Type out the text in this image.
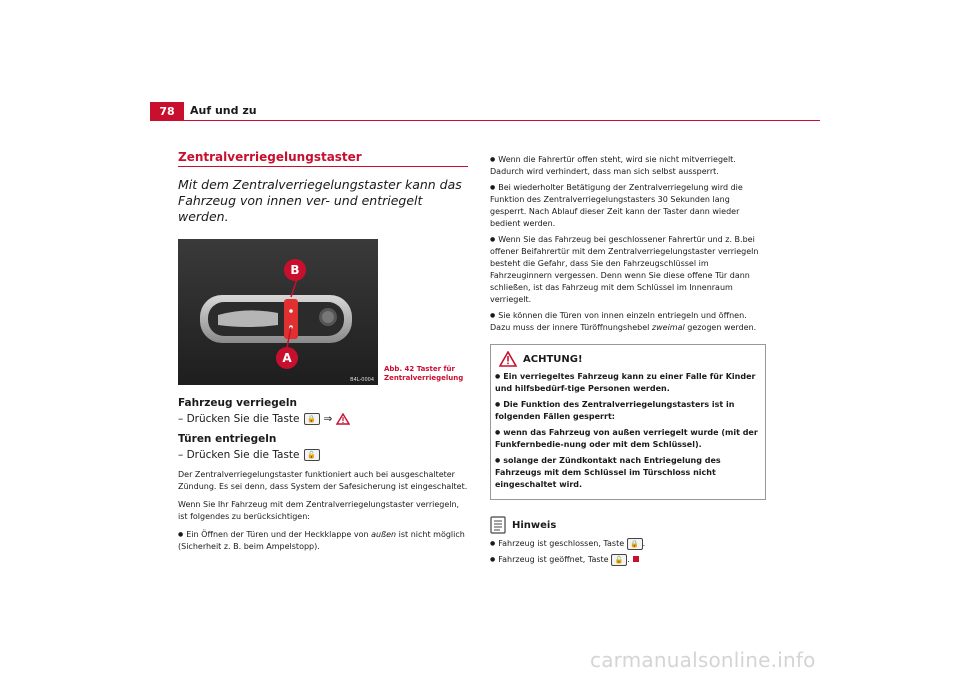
78	Auf und zu
Zentralverriegelungstaster
Mit dem Zentralverriegelungstaster kann das Fahrzeug von innen ver- und entriegelt werden.
B
A
B4L-0004
Abb. 42 Taster für
Zentralverriegelung
Fahrzeug verriegeln
– Drücken Sie die Taste	🔒 ⇒
Türen entriegeln
– Drücken Sie die Taste	🔓
Der Zentralverriegelungstaster funktioniert auch bei ausgeschalteter Zündung. Es sei denn, dass System der Safesicherung ist eingeschaltet.
Wenn Sie Ihr Fahrzeug mit dem Zentralverriegelungstaster verriegeln, ist folgendes zu berücksichtigen:
● Ein Öffnen der Türen und der Heckklappe von außen ist nicht möglich (Sicherheit z. B. beim Ampelstopp).
● Wenn die Fahrertür offen steht, wird sie nicht mitverriegelt. Dadurch wird verhindert, dass man sich selbst aussperrt.
● Bei wiederholter Betätigung der Zentralverriegelung wird die Funktion des Zentralverriegelungstasters 30 Sekunden lang gesperrt. Nach Ablauf dieser Zeit kann der Taster dann wieder bedient werden.
● Wenn Sie das Fahrzeug bei geschlossener Fahrertür und z. B.bei offener Beifahrertür mit dem Zentralverriegelungstaster verriegeln besteht die Gefahr, dass Sie den Fahrzeugschlüssel im Fahrzeuginnern vergessen. Denn wenn Sie diese offene Tür dann schließen, ist das Fahrzeug mit dem Schlüssel im Innenraum verriegelt.
● Sie können die Türen von innen einzeln entriegeln und öffnen. Dazu muss der innere Türöffnungshebel zweimal gezogen werden.
ACHTUNG!
● Ein verriegeltes Fahrzeug kann zu einer Falle für Kinder und hilfsbedürf-tige Personen werden.
● Die Funktion des Zentralverriegelungstasters ist in folgenden Fällen gesperrt:
● wenn das Fahrzeug von außen verriegelt wurde (mit der Funkfernbedie-nung oder mit dem Schlüssel).
● solange der Zündkontakt nach Entriegelung des Fahrzeugs mit dem Schlüssel im Türschloss nicht eingeschaltet wird.
Hinweis
● Fahrzeug ist geschlossen, Taste 🔒 .
● Fahrzeug ist geöffnet, Taste 🔓 .
carmanualsonline.info
